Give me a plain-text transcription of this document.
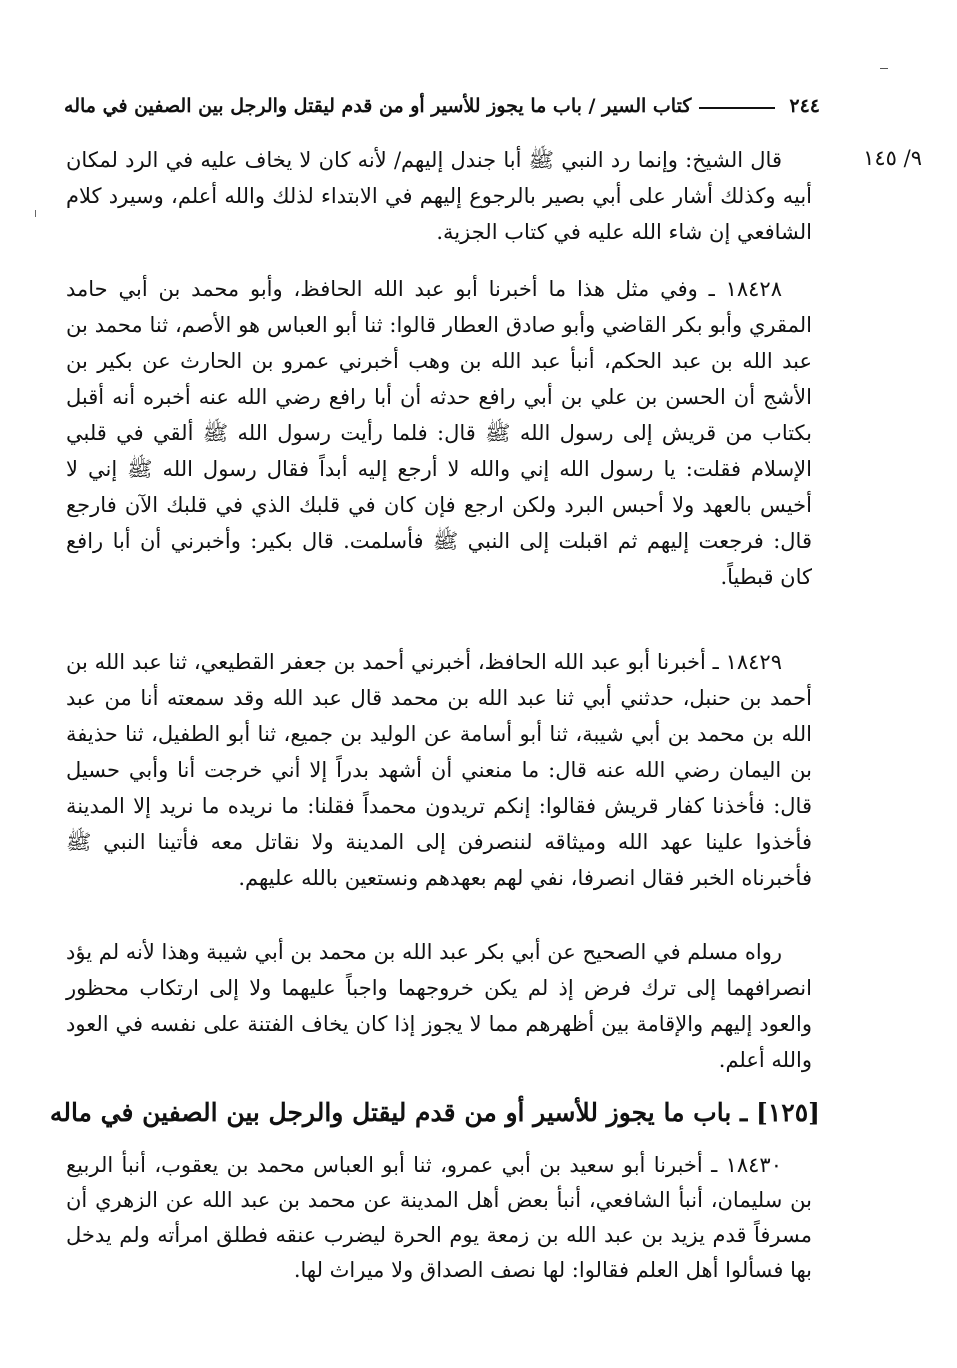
٢٤٤
كتاب السير / باب ما يجوز للأسير أو من قدم ليقتل والرجل بين الصفين في ماله
٩/ ١٤٥

قال الشيخ: وإنما رد النبي ﷺ أبا جندل إليهم/ لأنه كان لا يخاف عليه في الرد لمكان أبيه وكذلك أشار على أبي بصير بالرجوع إليهم في الابتداء لذلك والله أعلم، وسيرد كلام الشافعي إن شاء الله عليه في كتاب الجزية.

١٨٤٢٨ ـ وفي مثل هذا ما أخبرنا أبو عبد الله الحافظ، وأبو محمد بن أبي حامد المقري وأبو بكر القاضي وأبو صادق العطار قالوا: ثنا أبو العباس هو الأصم، ثنا محمد بن عبد الله بن عبد الحكم، أنبأ عبد الله بن وهب أخبرني عمرو بن الحارث عن بكير بن الأشج أن الحسن بن علي بن أبي رافع حدثه أن أبا رافع رضي الله عنه أخبره أنه أقبل بكتاب من قريش إلى رسول الله ﷺ قال: فلما رأيت رسول الله ﷺ ألقي في قلبي الإسلام فقلت: يا رسول الله إني والله لا أرجع إليه أبداً فقال رسول الله ﷺ إني لا أخيس بالعهد ولا أحبس البرد ولكن ارجع فإن كان في قلبك الذي في قلبك الآن فارجع قال: فرجعت إليهم ثم اقبلت إلى النبي ﷺ فأسلمت. قال بكير: وأخبرني أن أبا رافع كان قبطياً.

١٨٤٢٩ ـ أخبرنا أبو عبد الله الحافظ، أخبرني أحمد بن جعفر القطيعي، ثنا عبد الله بن أحمد بن حنبل، حدثني أبي ثنا عبد الله بن محمد قال عبد الله وقد سمعته أنا من عبد الله بن محمد بن أبي شيبة، ثنا أبو أسامة عن الوليد بن جميع، ثنا أبو الطفيل، ثنا حذيفة بن اليمان رضي الله عنه قال: ما منعني أن أشهد بدراً إلا أني خرجت أنا وأبي حسيل قال: فأخذنا كفار قريش فقالوا: إنكم تريدون محمداً فقلنا: ما نريده ما نريد إلا المدينة فأخذوا علينا عهد الله وميثاقه لننصرفن إلى المدينة ولا نقاتل معه فأتينا النبي ﷺ فأخبرناه الخبر فقال انصرفا، نفي لهم بعهدهم ونستعين بالله عليهم.

رواه مسلم في الصحيح عن أبي بكر عبد الله بن محمد بن أبي شيبة وهذا لأنه لم يؤد انصرافهما إلى ترك فرض إذ لم يكن خروجهما واجباً عليهما ولا إلى ارتكاب محظور والعود إليهم والإقامة بين أظهرهم مما لا يجوز إذا كان يخاف الفتنة على نفسه في العود والله أعلم.

[١٢٥] ـ باب ما يجوز للأسير أو من قدم ليقتل والرجل بين الصفين في ماله

١٨٤٣٠ ـ أخبرنا أبو سعيد بن أبي عمرو، ثنا أبو العباس محمد بن يعقوب، أنبأ الربيع بن سليمان، أنبأ الشافعي، أنبأ بعض أهل المدينة عن محمد بن عبد الله عن الزهري أن مسرفاً قدم يزيد بن عبد الله بن زمعة يوم الحرة ليضرب عنقه فطلق امرأته ولم يدخل بها فسألوا أهل العلم فقالوا: لها نصف الصداق ولا ميراث لها.
